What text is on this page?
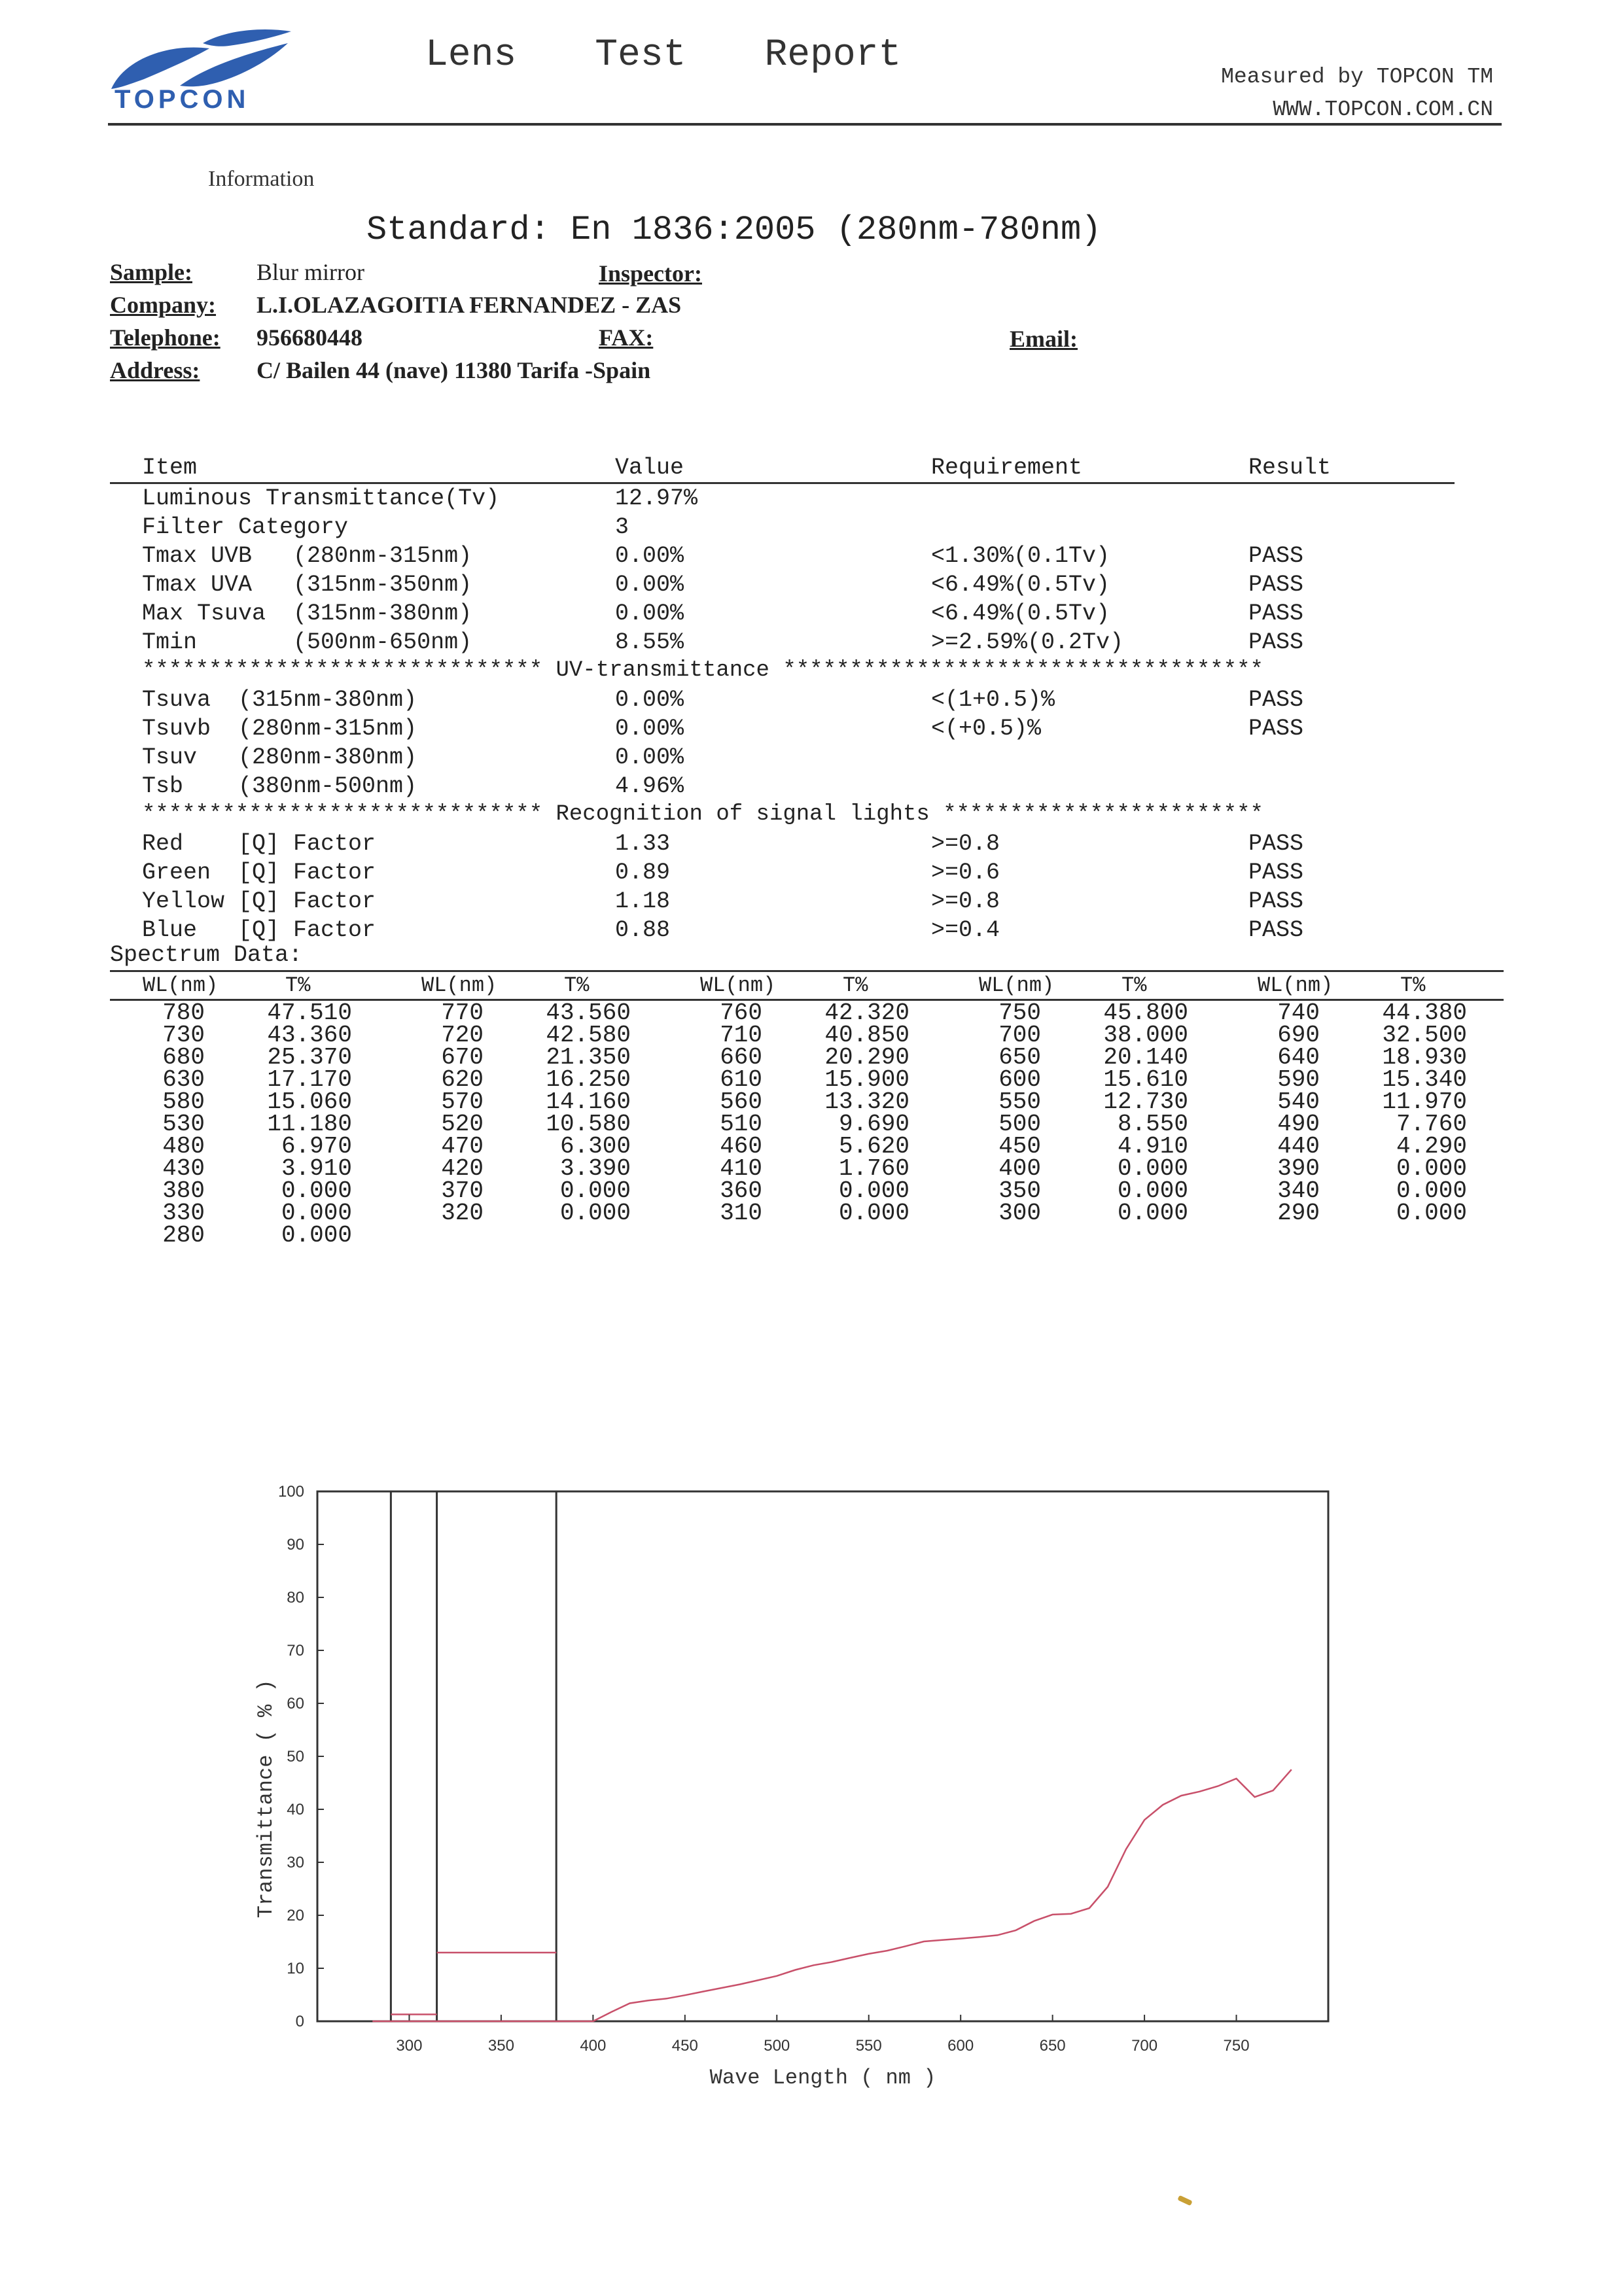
TOPCON
Lens Test Report
Measured by TOPCON TM
WWW.TOPCON.COM.CN
Information
Standard: En 1836:2005 (280nm-780nm)
Sample:	Blur mirror	Inspector:
Company: L.I.OLAZAGOITIA FERNANDEZ - ZAS
Telephone: 956680448	FAX:	Email:
Address: C/ Bailen 44 (nave) 11380 Tarifa -Spain
Item	Value	Requirement	Result
Luminous Transmittance(Tv)	12.97%
Filter Category	3
Tmax UVB   (280nm-315nm)	0.00%	<1.30%(0.1Tv)	PASS
Tmax UVA   (315nm-350nm)	0.00%	<6.49%(0.5Tv)	PASS
Max Tsuva  (315nm-380nm)	0.00%	<6.49%(0.5Tv)	PASS
Tmin       (500nm-650nm)	8.55%	>=2.59%(0.2Tv)	PASS
****************************** UV-transmittance ************************************
Tsuva  (315nm-380nm)	0.00%	<(1+0.5)%	PASS
Tsuvb  (280nm-315nm)	0.00%	<(+0.5)%	PASS
Tsuv   (280nm-380nm)	0.00%
Tsb    (380nm-500nm)	4.96%
****************************** Recognition of signal lights ************************
Red    [Q] Factor	1.33	>=0.8	PASS
Green  [Q] Factor	0.89	>=0.6	PASS
Yellow [Q] Factor	1.18	>=0.8	PASS
Blue   [Q] Factor	0.88	>=0.4	PASS
Spectrum Data:
WL(nm)	T%	WL(nm)	T%	WL(nm)	T%	WL(nm)	T%	WL(nm)	T%
780	47.510	770	43.560	760	42.320	750	45.800	740	44.380
730	43.360	720	42.580	710	40.850	700	38.000	690	32.500
680	25.370	670	21.350	660	20.290	650	20.140	640	18.930
630	17.170	620	16.250	610	15.900	600	15.610	590	15.340
580	15.060	570	14.160	560	13.320	550	12.730	540	11.970
530	11.180	520	10.580	510	9.690	500	8.550	490	7.760
480	6.970	470	6.300	460	5.620	450	4.910	440	4.290
430	3.910	420	3.390	410	1.760	400	0.000	390	0.000
380	0.000	370	0.000	360	0.000	350	0.000	340	0.000
330	0.000	320	0.000	310	0.000	300	0.000	290	0.000
280	0.000
0
10
20
30
40
50
60
70
80
90
100
300	350	400	450	500	550	600	650	700	750
Wave Length ( nm )
Transmittance ( % )
